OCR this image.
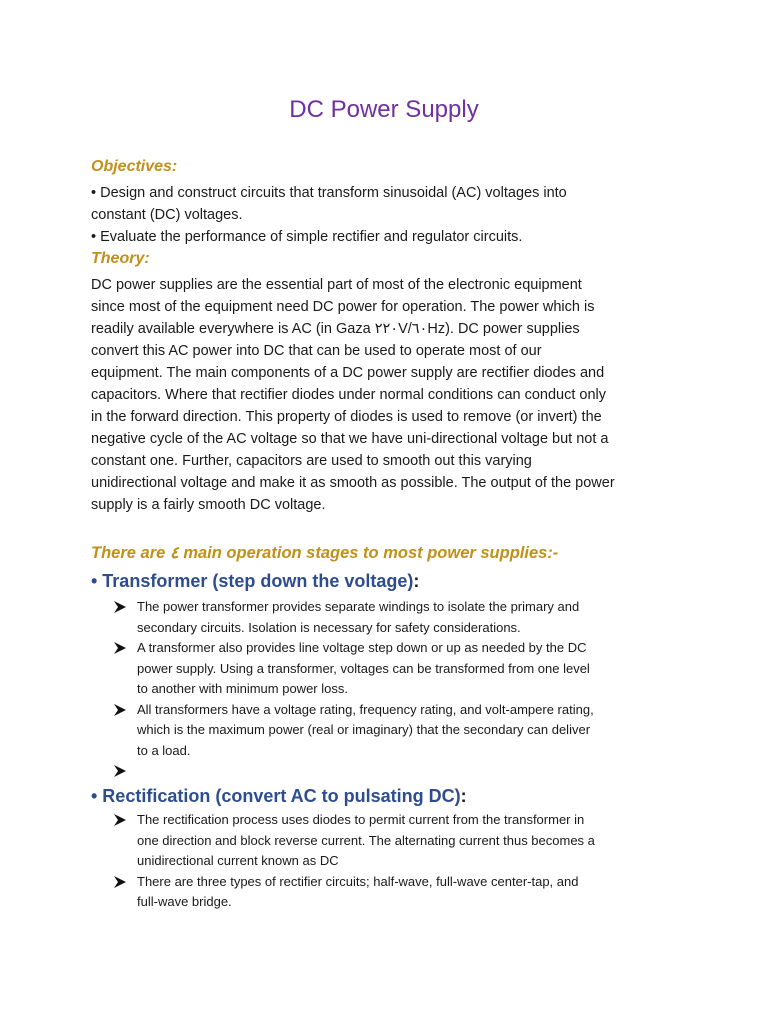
DC Power Supply
Objectives:

• Design and construct circuits that transform sinusoidal (AC) voltages into

constant (DC) voltages.

• Evaluate the performance of simple rectifier and regulator circuits.

Theory:

DC power supplies are the essential part of most of the electronic equipment

since most of the equipment need DC power for operation. The power which is

readily available everywhere is AC (in Gaza ٢٢٠V/٦٠Hz). DC power supplies

convert this AC power into DC that can be used to operate most of our

equipment. The main components of a DC power supply are rectifier diodes and

capacitors. Where that rectifier diodes under normal conditions can conduct only

in the forward direction. This property of diodes is used to remove (or invert) the

negative cycle of the AC voltage so that we have uni-directional voltage but not a

constant one. Further, capacitors are used to smooth out this varying

unidirectional voltage and make it as smooth as possible. The output of the power

supply is a fairly smooth DC voltage.

There are ٤ main operation stages to most power supplies:-
• Transformer (step down the voltage):
The power transformer provides separate windings to isolate the primary and
secondary circuits. Isolation is necessary for safety considerations.
A transformer also provides line voltage step down or up as needed by the DC
power supply. Using a transformer, voltages can be transformed from one level
to another with minimum power loss.
All transformers have a voltage rating, frequency rating, and volt-ampere rating,
which is the maximum power (real or imaginary) that the secondary can deliver
to a load.
• Rectification (convert AC to pulsating DC):
The rectification process uses diodes to permit current from the transformer in
one direction and block reverse current. The alternating current thus becomes a
unidirectional current known as DC
There are three types of rectifier circuits; half-wave, full-wave center-tap, and
full-wave bridge.
